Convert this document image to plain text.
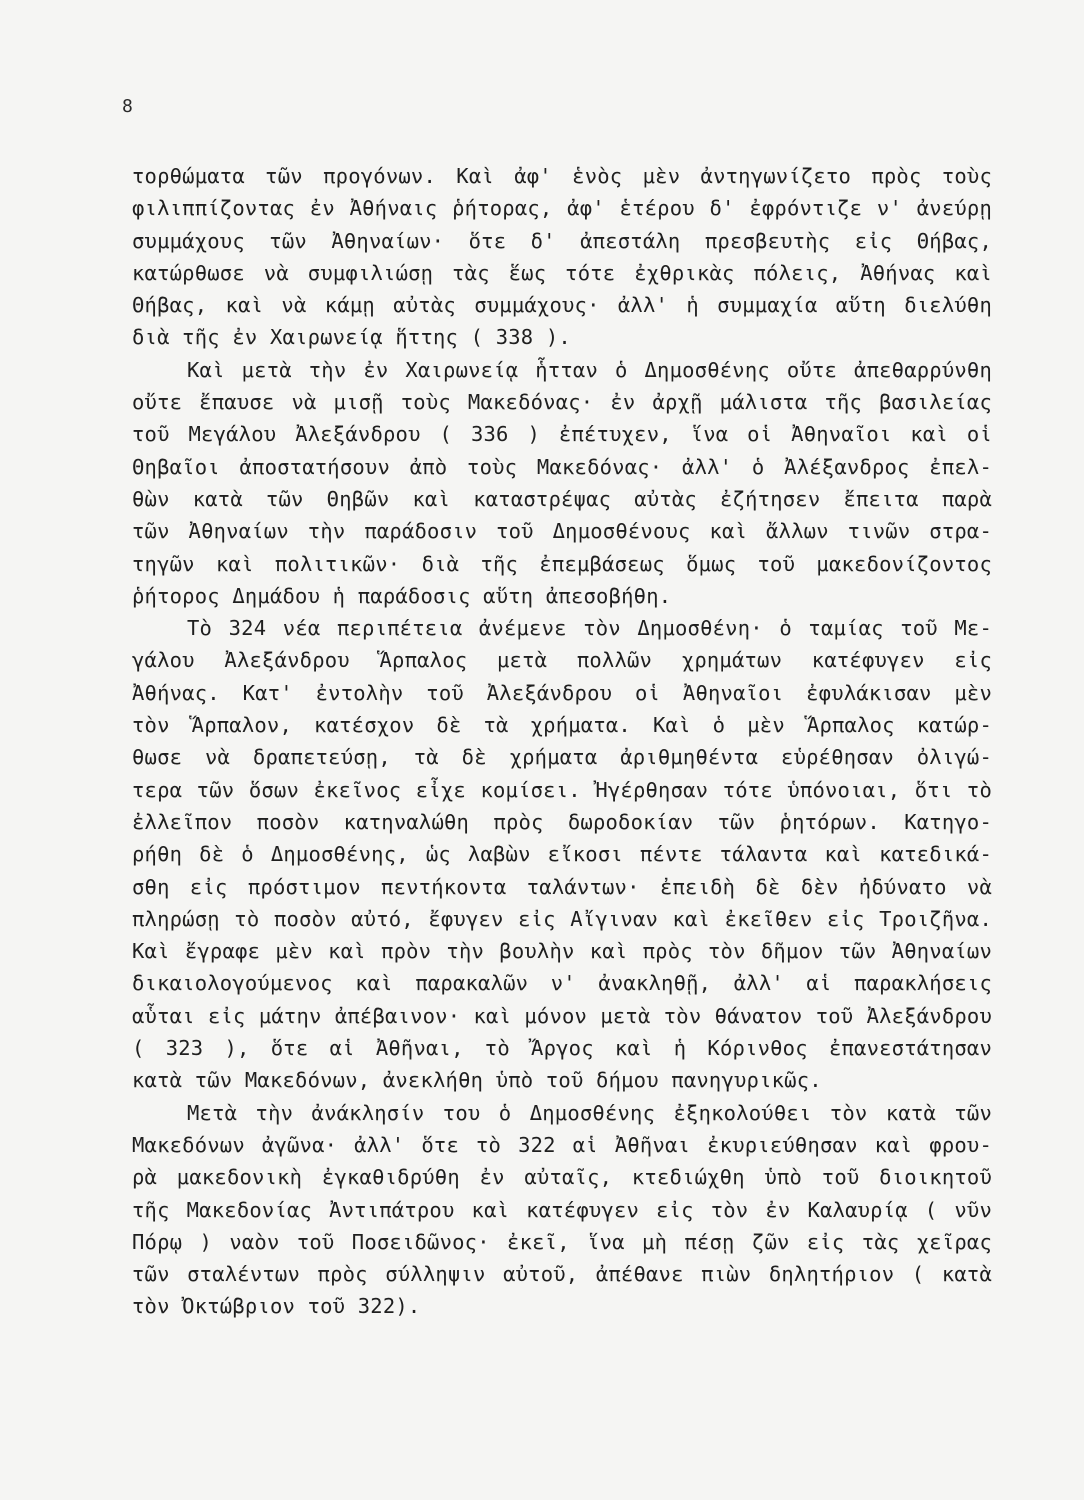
8
τορθώματα τῶν προγόνων. Καὶ ἀφ' ἑνὸς μὲν ἀντηγωνίζετο πρὸς τοὺς
φιλιππίζοντας ἐν Ἀθήναις ῥήτορας, ἀφ' ἑτέρου δ' ἐφρόντιζε ν' ἀνεύρῃ
συμμάχους τῶν Ἀθηναίων· ὅτε δ' ἀπεστάλη πρεσβευτὴς εἰς Θήβας,
κατώρθωσε νὰ συμφιλιώσῃ τὰς ἕως τότε ἐχθρικὰς πόλεις, Ἀθήνας καὶ
Θήβας, καὶ νὰ κάμῃ αὐτὰς συμμάχους· ἀλλ' ἡ συμμαχία αὕτη διελύθη
διὰ τῆς ἐν Χαιρωνείᾳ ἥττης ( 338 ).
Καὶ μετὰ τὴν ἐν Χαιρωνείᾳ ἧτταν ὁ Δημοσθένης οὔτε ἀπεθαρρύνθη
οὔτε ἔπαυσε νὰ μισῇ τοὺς Μακεδόνας· ἐν ἀρχῇ μάλιστα τῆς βασιλείας
τοῦ Μεγάλου Ἀλεξάνδρου ( 336 ) ἐπέτυχεν, ἵνα οἱ Ἀθηναῖοι καὶ οἱ
Θηβαῖοι ἀποστατήσουν ἀπὸ τοὺς Μακεδόνας· ἀλλ' ὁ Ἀλέξανδρος ἐπελ-
θὼν κατὰ τῶν Θηβῶν καὶ καταστρέψας αὐτὰς ἐζήτησεν ἔπειτα παρὰ
τῶν Ἀθηναίων τὴν παράδοσιν τοῦ Δημοσθένους καὶ ἄλλων τινῶν στρα-
τηγῶν καὶ πολιτικῶν· διὰ τῆς ἐπεμβάσεως ὅμως τοῦ μακεδονίζοντος
ῥήτορος Δημάδου ἡ παράδοσις αὕτη ἀπεσοβήθη.
Τὸ 324 νέα περιπέτεια ἀνέμενε τὸν Δημοσθένη· ὁ ταμίας τοῦ Με-
γάλου Ἀλεξάνδρου Ἅρπαλος μετὰ πολλῶν χρημάτων κατέφυγεν εἰς
Ἀθήνας. Κατ' ἐντολὴν τοῦ Ἀλεξάνδρου οἱ Ἀθηναῖοι ἐφυλάκισαν μὲν
τὸν Ἅρπαλον, κατέσχον δὲ τὰ χρήματα. Καὶ ὁ μὲν Ἅρπαλος κατώρ-
θωσε νὰ δραπετεύσῃ, τὰ δὲ χρήματα ἀριθμηθέντα εὑρέθησαν ὀλιγώ-
τερα τῶν ὅσων ἐκεῖνος εἶχε κομίσει. Ἠγέρθησαν τότε ὑπόνοιαι, ὅτι τὸ
ἐλλεῖπον ποσὸν κατηναλώθη πρὸς δωροδοκίαν τῶν ῥητόρων. Κατηγο-
ρήθη δὲ ὁ Δημοσθένης, ὡς λαβὼν εἴκοσι πέντε τάλαντα καὶ κατεδικά-
σθη εἰς πρόστιμον πεντήκοντα ταλάντων· ἐπειδὴ δὲ δὲν ἠδύνατο νὰ
πληρώσῃ τὸ ποσὸν αὐτό, ἔφυγεν εἰς Αἴγιναν καὶ ἐκεῖθεν εἰς Τροιζῆνα.
Καὶ ἔγραφε μὲν καὶ πρὸν τὴν βουλὴν καὶ πρὸς τὸν δῆμον τῶν Ἀθηναίων
δικαιολογούμενος καὶ παρακαλῶν ν' ἀνακληθῇ, ἀλλ' αἱ παρακλήσεις
αὗται εἰς μάτην ἀπέβαινον· καὶ μόνον μετὰ τὸν θάνατον τοῦ Ἀλεξάνδρου
( 323 ), ὅτε αἱ Ἀθῆναι, τὸ Ἄργος καὶ ἡ Κόρινθος ἐπανεστάτησαν
κατὰ τῶν Μακεδόνων, ἀνεκλήθη ὑπὸ τοῦ δήμου πανηγυρικῶς.
Μετὰ τὴν ἀνάκλησίν του ὁ Δημοσθένης ἐξηκολούθει τὸν κατὰ τῶν
Μακεδόνων ἀγῶνα· ἀλλ' ὅτε τὸ 322 αἱ Ἀθῆναι ἐκυριεύθησαν καὶ φρου-
ρὰ μακεδονικὴ ἐγκαθιδρύθη ἐν αὐταῖς, κτεδιώχθη ὑπὸ τοῦ διοικητοῦ
τῆς Μακεδονίας Ἀντιπάτρου καὶ κατέφυγεν εἰς τὸν ἐν Καλαυρίᾳ ( νῦν
Πόρῳ ) ναὸν τοῦ Ποσειδῶνος· ἐκεῖ, ἵνα μὴ πέσῃ ζῶν εἰς τὰς χεῖρας
τῶν σταλέντων πρὸς σύλληψιν αὐτοῦ, ἀπέθανε πιὼν δηλητήριον ( κατὰ
τὸν Ὀκτώβριον τοῦ 322).
